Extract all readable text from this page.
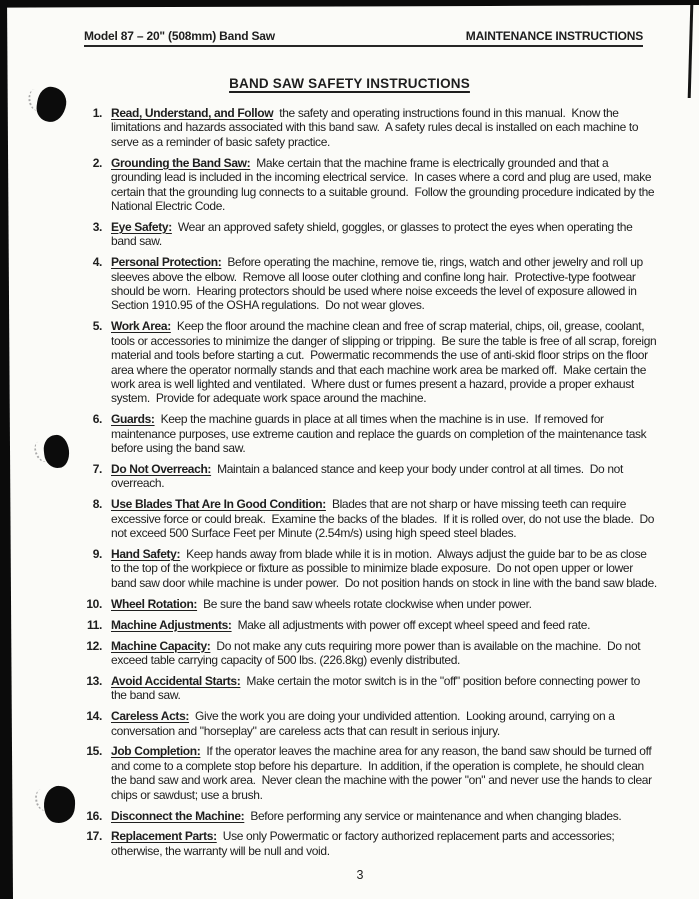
Model 87 – 20" (508mm) Band Saw	MAINTENANCE INSTRUCTIONS
BAND SAW SAFETY INSTRUCTIONS
1. Read, Understand, and Follow the safety and operating instructions found in this manual.  Know the limitations and hazards associated with this band saw.  A safety rules decal is installed on each machine to serve as a reminder of basic safety practice.

2. Grounding the Band Saw: Make certain that the machine frame is electrically grounded and that a grounding lead is included in the incoming electrical service.  In cases where a cord and plug are used, make certain that the grounding lug connects to a suitable ground.  Follow the grounding procedure indicated by the National Electric Code.

3. Eye Safety: Wear an approved safety shield, goggles, or glasses to protect the eyes when operating the band saw.

4. Personal Protection: Before operating the machine, remove tie, rings, watch and other jewelry and roll up sleeves above the elbow.  Remove all loose outer clothing and confine long hair.  Protective-type footwear should be worn.  Hearing protectors should be used where noise exceeds the level of exposure allowed in Section 1910.95 of the OSHA regulations.  Do not wear gloves.

5. Work Area: Keep the floor around the machine clean and free of scrap material, chips, oil, grease, coolant, tools or accessories to minimize the danger of slipping or tripping.  Be sure the table is free of all scrap, foreign material and tools before starting a cut.  Powermatic recommends the use of anti-skid floor strips on the floor area where the operator normally stands and that each machine work area be marked off.  Make certain the work area is well lighted and ventilated.  Where dust or fumes present a hazard, provide a proper exhaust system.  Provide for adequate work space around the machine.

6. Guards: Keep the machine guards in place at all times when the machine is in use.  If removed for maintenance purposes, use extreme caution and replace the guards on completion of the maintenance task before using the band saw.

7. Do Not Overreach: Maintain a balanced stance and keep your body under control at all times.  Do not overreach.

8. Use Blades That Are In Good Condition: Blades that are not sharp or have missing teeth can require excessive force or could break.  Examine the backs of the blades.  If it is rolled over, do not use the blade.  Do not exceed 500 Surface Feet per Minute (2.54m/s) using high speed steel blades.

9. Hand Safety: Keep hands away from blade while it is in motion.  Always adjust the guide bar to be as close to the top of the workpiece or fixture as possible to minimize blade exposure.  Do not open upper or lower band saw door while machine is under power.  Do not position hands on stock in line with the band saw blade.

10. Wheel Rotation: Be sure the band saw wheels rotate clockwise when under power.

11. Machine Adjustments: Make all adjustments with power off except wheel speed and feed rate.

12. Machine Capacity: Do not make any cuts requiring more power than is available on the machine.  Do not exceed table carrying capacity of 500 lbs. (226.8kg) evenly distributed.

13. Avoid Accidental Starts: Make certain the motor switch is in the "off" position before connecting power to the band saw.

14. Careless Acts: Give the work you are doing your undivided attention.  Looking around, carrying on a conversation and "horseplay" are careless acts that can result in serious injury.

15. Job Completion: If the operator leaves the machine area for any reason, the band saw should be turned off and come to a complete stop before his departure.  In addition, if the operation is complete, he should clean the band saw and work area.  Never clean the machine with the power "on" and never use the hands to clear chips or sawdust; use a brush.

16. Disconnect the Machine: Before performing any service or maintenance and when changing blades.

17. Replacement Parts: Use only Powermatic or factory authorized replacement parts and accessories; otherwise, the warranty will be null and void.

3
